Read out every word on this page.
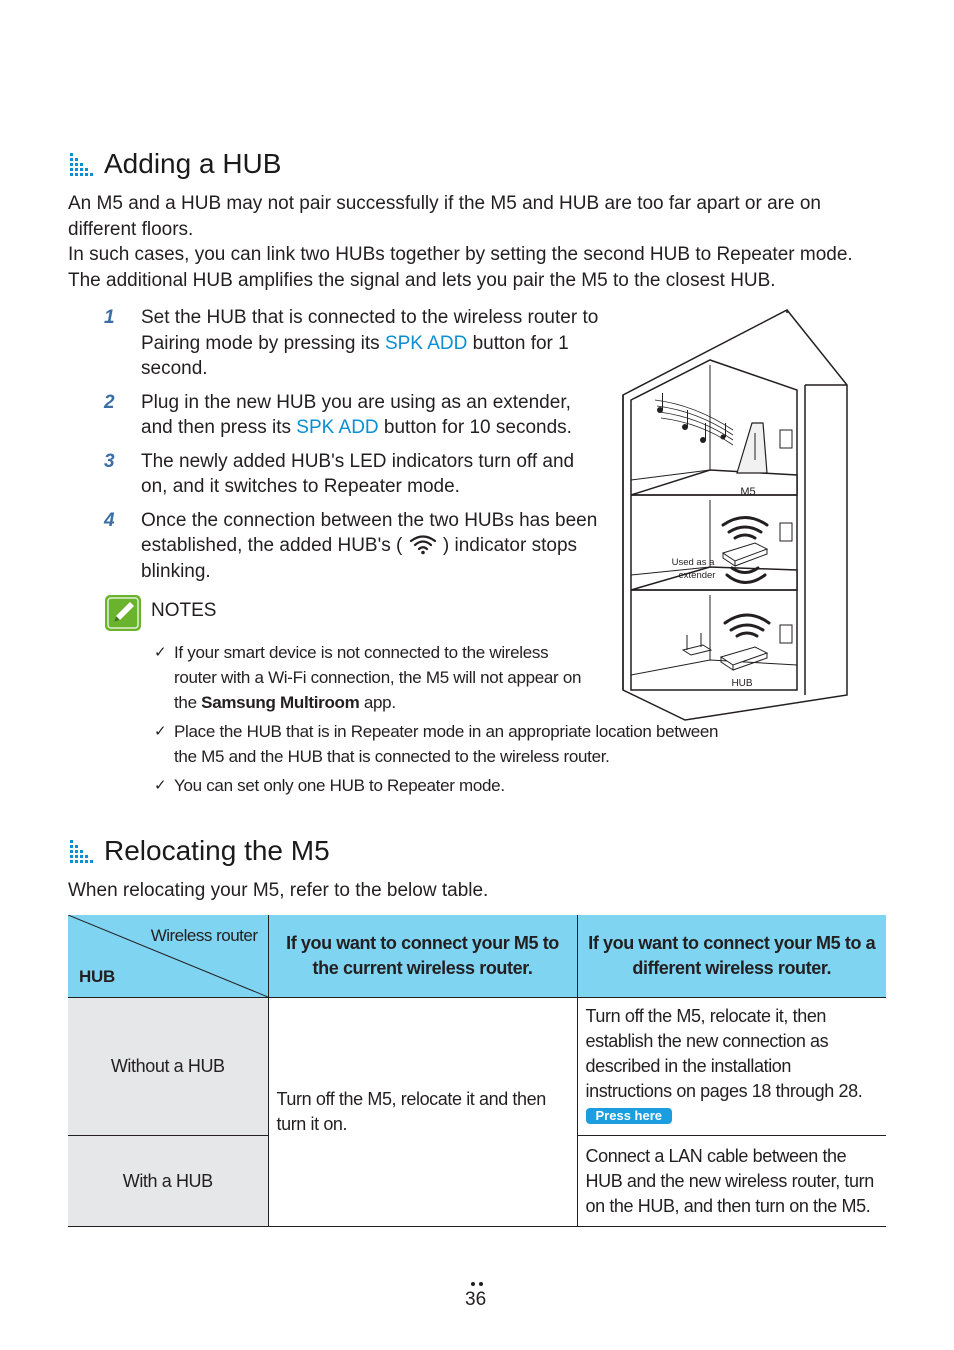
Adding a HUB

An M5 and a HUB may not pair successfully if the M5 and HUB are too far apart or are on different floors.

In such cases, you can link two HUBs together by setting the second HUB to Repeater mode. The additional HUB amplifies the signal and lets you pair the M5 to the closest HUB.

1	Set the HUB that is connected to the wireless router to Pairing mode by pressing its SPK ADD button for 1 second.
2	Plug in the new HUB you are using as an extender, and then press its SPK ADD button for 10 seconds.
3	The newly added HUB's LED indicators turn off and on, and it switches to Repeater mode.
4	Once the connection between the two HUBs has been established, the added HUB's (  ) indicator stops blinking.
NOTES
✓ If your smart device is not connected to the wireless router with a Wi-Fi connection, the M5 will not appear on the Samsung Multiroom app.
✓ Place the HUB that is in Repeater mode in an appropriate location between the M5 and the HUB that is connected to the wireless router.
✓ You can set only one HUB to Repeater mode.
M5
Used as a
extender
HUB
Relocating the M5
When relocating your M5, refer to the below table.
Wireless router
HUB	If you want to connect your M5 to the current wireless router.	If you want to connect your M5 to a different wireless router.
Without a HUB	Turn off the M5, relocate it and then turn it on.	Turn off the M5, relocate it, then establish the new connection as described in the installation instructions on pages 18 through 28. Press here
With a HUB		Connect a LAN cable between the HUB and the new wireless router, turn on the HUB, and then turn on the M5.
36
